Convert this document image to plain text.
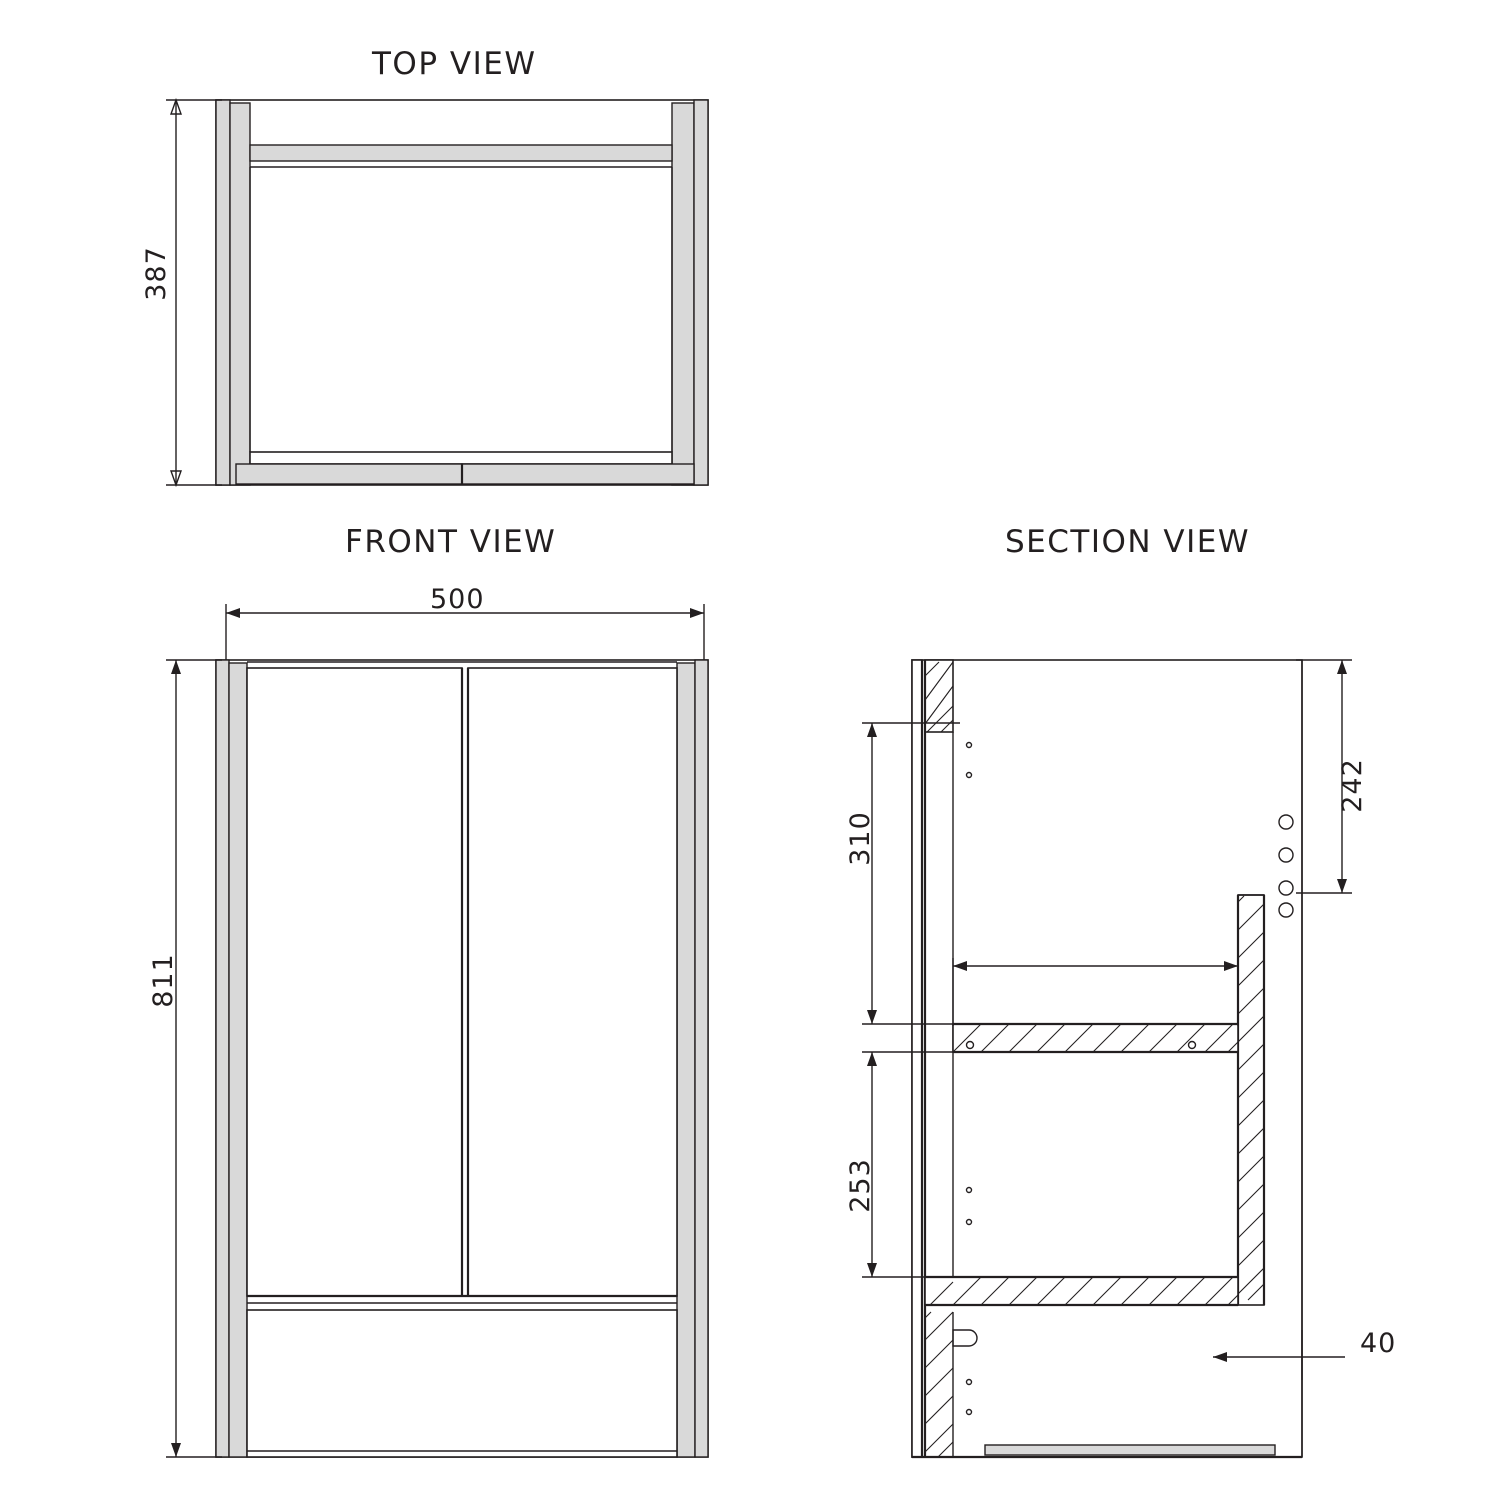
TOP VIEW
FRONT VIEW	SECTION VIEW
387
500
811
310
242
253
40
